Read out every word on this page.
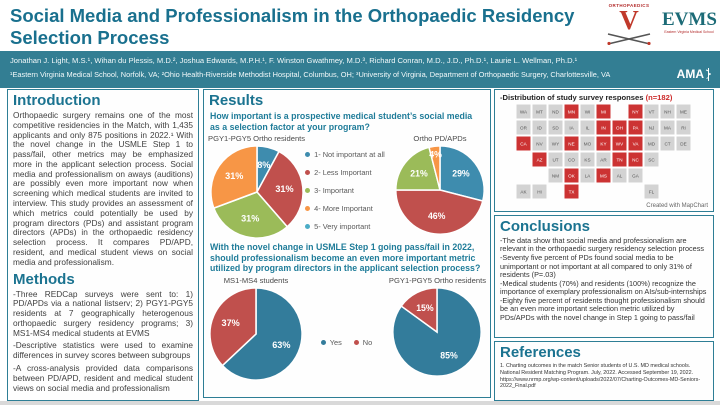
Social Media and Professionalism in the Orthopaedic Residency Selection Process
ORTHOPAEDICS
V	EVMS
Eastern Virginia Medical School
Jonathan J. Light, M.S.¹, Wihan du Plessis, M.D.², Joshua Edwards, M.P.H.¹, F. Winston Gwathmey, M.D.³, Richard Conran, M.D., J.D., Ph.D.¹, Laurie L. Wellman, Ph.D.¹
¹Eastern Virginia Medical School, Norfolk, VA; ²Ohio Health-Riverside Methodist Hospital, Columbus, OH; ³University of Virginia, Department of Orthopaedic Surgery, Charlottesville, VA	AMA
Introduction

Orthopaedic surgery remains one of the most competitive residencies in the Match, with 1,435 applicants and only 875 positions in 2022.¹ With the novel change in the USMLE Step 1 to pass/fail, other metrics may be emphasized more in the applicant selection process. Social media and professionalism on aways (auditions) are possibly even more important now when screening which medical students are invited to interview. This study provides an assessment of which metrics could potentially be used by program directors (PDs) and assistant program directors (APDs) in the orthopaedic residency selection process. It compares PD/APD, resident, and medical student views on social media and professionalism.

Methods

-Three REDCap surveys were sent to: 1) PD/APDs via a national listserv; 2) PGY1-PGY5 residents at 7 geographically heterogenous orthopaedic surgery residency programs; 3) MS1-MS4 medical students at EVMS

-Descriptive statistics were used to examine differences in survey scores between subgroups

-A cross-analysis provided data comparisons between PD/APD, resident and medical student views on social media and professionalism

Results

How important is a prospective medical student’s social media as a selection factor at your program?

PGY1-PGY5 Ortho residents
8%
31%
31%
31%
1- Not important at all
2- Less Important
3- Important
4- More Important
5- Very important
Ortho PD/APDs
29%
46%
21%
4%

With the novel change in USMLE Step 1 going pass/fail in 2022, should professionalism become an even more important metric utilized by program directors in the applicant selection process?

MS1-MS4 students
63%
37%
Yes	No
PGY1-PGY5 Ortho residents
85%
15%
-Distribution of study survey responses (n=182)
WA MT ND MN WI MI	NY VT NH ME
OR ID SD IA	IL	IN OH PA NJ MA RI
CA NV WY NE MO KY WV VA MD CT DE
AZ UT CO KS AR TN NC SC
NM OK LA MS AL GA
AK HI	TX	FL
Created with MapChart
Conclusions

-The data show that social media and professionalism are relevant in the orthopaedic surgery residency selection process

-Seventy five percent of PDs found social media to be unimportant or not important at all compared to only 31% of residents (P=.03)

-Medical students (70%) and residents (100%) recognize the importance of exemplary professionalism on AIs/sub-internships

-Eighty five percent of residents thought professionalism should be an even more important selection metric utilized by PDs/APDs with the novel change in Step 1 going to pass/fail

References

1. Charting outcomes in the match Senior students of U.S. MD medical schools. National Resident Matching Program. July, 2022. Accessed September 19, 2022. https://www.nrmp.org/wp-content/uploads/2022/07/Charting-Outcomes-MD-Seniors-2022_Final.pdf
